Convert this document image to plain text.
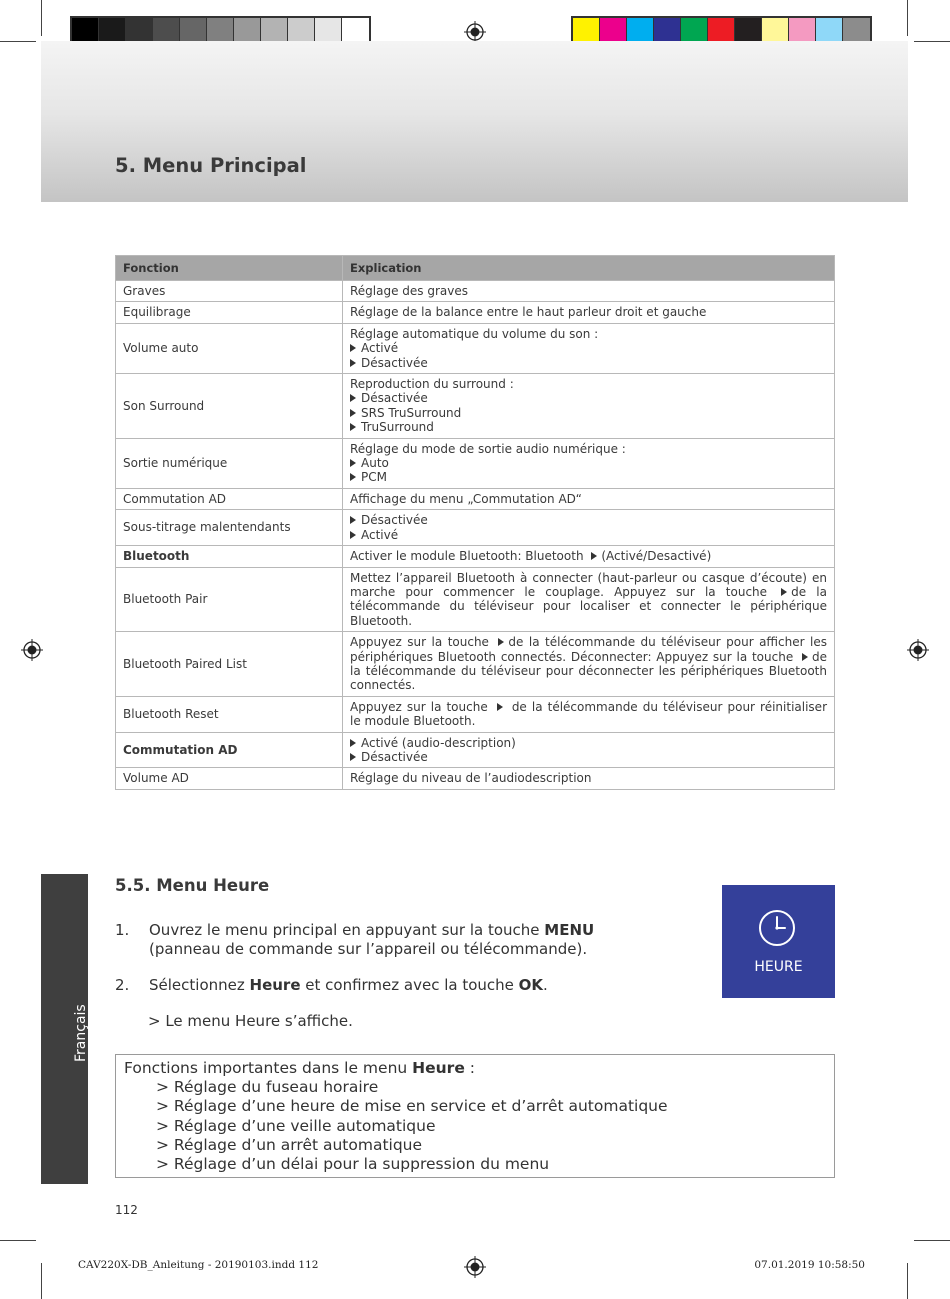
5. Menu Principal
Fonction	Explication
Graves	Réglage des graves

Equilibrage	Réglage de la balance entre le haut parleur droit et gauche

Volume auto	Réglage automatique du volume du son :
Activé
Désactivée

Son Surround	Reproduction du surround :
Désactivée
SRS TruSurround
TruSurround

Sortie numérique	Réglage du mode de sortie audio numérique :
Auto
PCM

Commutation AD	Affichage du menu „Commutation AD“

Sous-titrage malentendants	Désactivée
Activé

Bluetooth	Activer le module Bluetooth: Bluetooth (Activé/Desactivé)

Bluetooth Pair	Mettez l’appareil Bluetooth à connecter (haut-parleur ou casque d’écoute) en marche pour commencer le couplage. Appuyez sur la touche de la télécommande du téléviseur pour localiser et connecter le périphérique Bluetooth.
Bluetooth Paired List	Appuyez sur la touche de la télécommande du téléviseur pour afficher les périphériques Bluetooth connectés. Déconnecter: Appuyez sur la touche de la télécommande du téléviseur pour déconnecter les périphériques Bluetooth connectés.
Bluetooth Reset	Appuyez sur la touche  de la télécommande du téléviseur pour réinitialiser le module Bluetooth.
Commutation AD	Activé (audio-description)
Désactivée

Volume AD	Réglage du niveau de l’audiodescription
Français
5.5. Menu Heure
1. Ouvrez le menu principal en appuyant sur la touche MENU
(panneau de commande sur l’appareil ou télécommande).
2. Sélectionnez Heure et confirmez avec la touche OK.
> Le menu Heure s’affiche.
HEURE
Fonctions importantes dans le menu Heure :
> Réglage du fuseau horaire
> Réglage d’une heure de mise en service et d’arrêt automatique
> Réglage d’une veille automatique
> Réglage d’un arrêt automatique
> Réglage d’un délai pour la suppression du menu
112
CAV220X-DB_Anleitung - 20190103.indd 112	07.01.2019 10:58:50
